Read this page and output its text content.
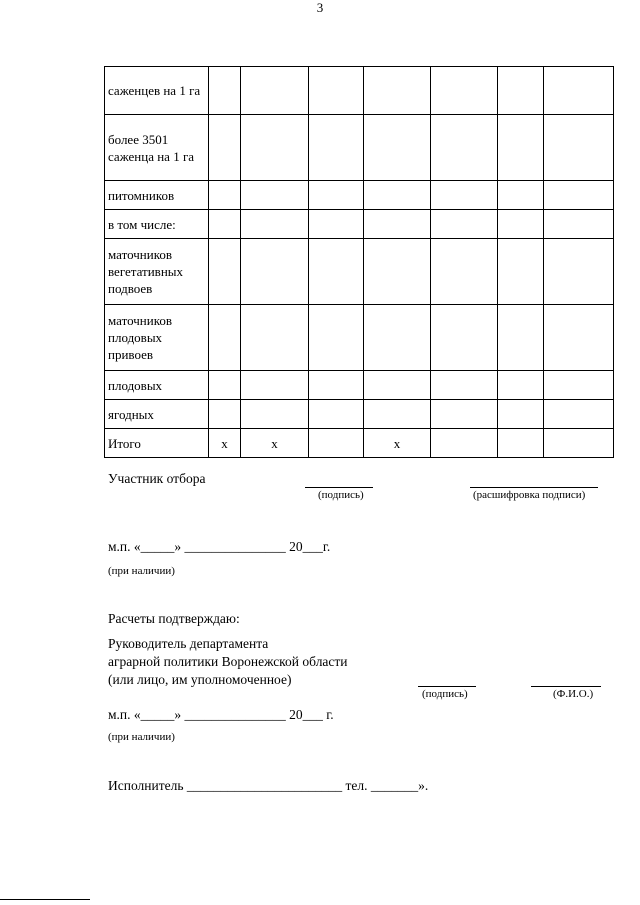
3
саженцев на 1 га							
более 3501 саженца на 1 га							
питомников							
в том числе:							
маточников вегетативных подвоев							
маточников плодовых привоев							
плодовых							
ягодных							
Итого	х	х		х			
Участник отбора
(подпись)	(расшифровка подписи)
м.п. «_____» _______________ 20___г.
(при наличии)
Расчеты подтверждаю:
Руководитель департамента
аграрной политики Воронежской области
(или лицо, им уполномоченное)
(подпись)	(Ф.И.О.)
м.п. «_____» _______________ 20___ г.
(при наличии)
Исполнитель _______________________ тел. _______».
